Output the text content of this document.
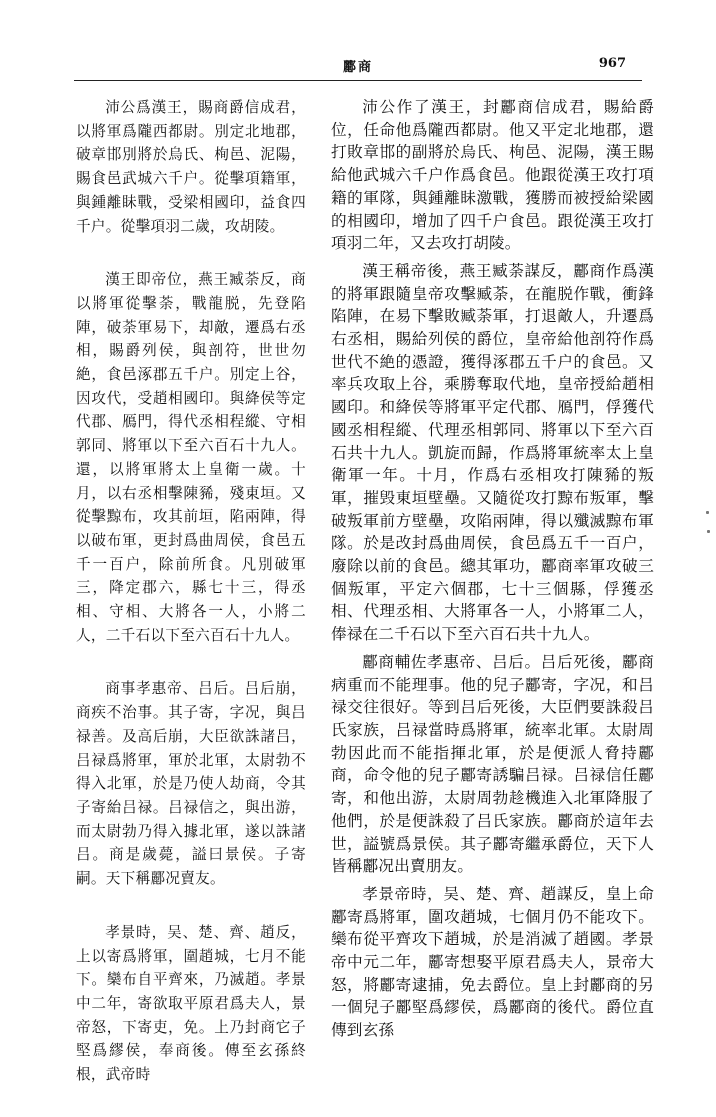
酈商	967

沛公爲漢王，賜商爵信成君，以將軍爲隴西都尉。別定北地郡，破章邯別將於烏氏、栒邑、泥陽，賜食邑武城六千户。從擊項籍軍，與鍾離眛戰，受梁相國印，益食四千户。從擊項羽二歲，攻胡陵。

漢王即帝位，燕王臧荼反，商以將軍從擊荼，戰龍脱，先登陷陣，破荼軍易下，却敵，遷爲右丞相，賜爵列侯，與剖符，世世勿絶，食邑涿郡五千户。別定上谷，因攻代，受趙相國印。與絳侯等定代郡、鴈門，得代丞相程縱、守相郭同、將軍以下至六百石十九人。還，以將軍將太上皇衛一歲。十月，以右丞相擊陳豨，殘東垣。又從擊黥布，攻其前垣，陷兩陣，得以破布軍，更封爲曲周侯，食邑五千一百户，除前所食。凡別破軍三，降定郡六，縣七十三，得丞相、守相、大將各一人，小將二人，二千石以下至六百石十九人。

商事孝惠帝、吕后。吕后崩，商疾不治事。其子寄，字况，與吕禄善。及高后崩，大臣欲誅諸吕，吕禄爲將軍，軍於北軍，太尉勃不得入北軍，於是乃使人劫商，令其子寄紿吕禄。吕禄信之，與出游，而太尉勃乃得入據北軍，遂以誅諸吕。商是歲薨，謚曰景侯。子寄嗣。天下稱酈况賣友。

孝景時，吴、楚、齊、趙反，上以寄爲將軍，圍趙城，七月不能下。欒布自平齊來，乃滅趙。孝景中二年，寄欲取平原君爲夫人，景帝怒，下寄吏，免。上乃封商它子堅爲繆侯，奉商後。傳至玄孫終根，武帝時

沛公作了漢王，封酈商信成君，賜給爵位，任命他爲隴西都尉。他又平定北地郡，還打敗章邯的副將於烏氏、栒邑、泥陽，漢王賜給他武城六千户作爲食邑。他跟從漢王攻打項籍的軍隊，與鍾離眛激戰，獲勝而被授給梁國的相國印，增加了四千户食邑。跟從漢王攻打項羽二年，又去攻打胡陵。

漢王稱帝後，燕王臧荼謀反，酈商作爲漢的將軍跟隨皇帝攻擊臧荼，在龍脱作戰，衝鋒陷陣，在易下擊敗臧荼軍，打退敵人，升遷爲右丞相，賜給列侯的爵位，皇帝給他剖符作爲世代不絶的憑證，獲得涿郡五千户的食邑。又率兵攻取上谷，乘勝奪取代地，皇帝授給趙相國印。和絳侯等將軍平定代郡、鴈門，俘獲代國丞相程縱、代理丞相郭同、將軍以下至六百石共十九人。凱旋而歸，作爲將軍統率太上皇衛軍一年。十月，作爲右丞相攻打陳豨的叛軍，摧毁東垣壁壘。又隨從攻打黥布叛軍，擊破叛軍前方壁壘，攻陷兩陣，得以殲滅黥布軍隊。於是改封爲曲周侯，食邑爲五千一百户，廢除以前的食邑。總其軍功，酈商率軍攻破三個叛軍，平定六個郡，七十三個縣，俘獲丞相、代理丞相、大將軍各一人，小將軍二人，俸禄在二千石以下至六百石共十九人。

酈商輔佐孝惠帝、吕后。吕后死後，酈商病重而不能理事。他的兒子酈寄，字况，和吕禄交往很好。等到吕后死後，大臣們要誅殺吕氏家族，吕禄當時爲將軍，統率北軍。太尉周勃因此而不能指揮北軍，於是便派人脅持酈商，命令他的兒子酈寄誘騙吕禄。吕禄信任酈寄，和他出游，太尉周勃趁機進入北軍降服了他們，於是便誅殺了吕氏家族。酈商於這年去世，謚號爲景侯。其子酈寄繼承爵位，天下人皆稱酈况出賣朋友。

孝景帝時，吴、楚、齊、趙謀反，皇上命酈寄爲將軍，圍攻趙城，七個月仍不能攻下。欒布從平齊攻下趙城，於是消滅了趙國。孝景帝中元二年，酈寄想娶平原君爲夫人，景帝大怒，將酈寄逮捕，免去爵位。皇上封酈商的另一個兒子酈堅爲繆侯，爲酈商的後代。爵位直傳到玄孫
